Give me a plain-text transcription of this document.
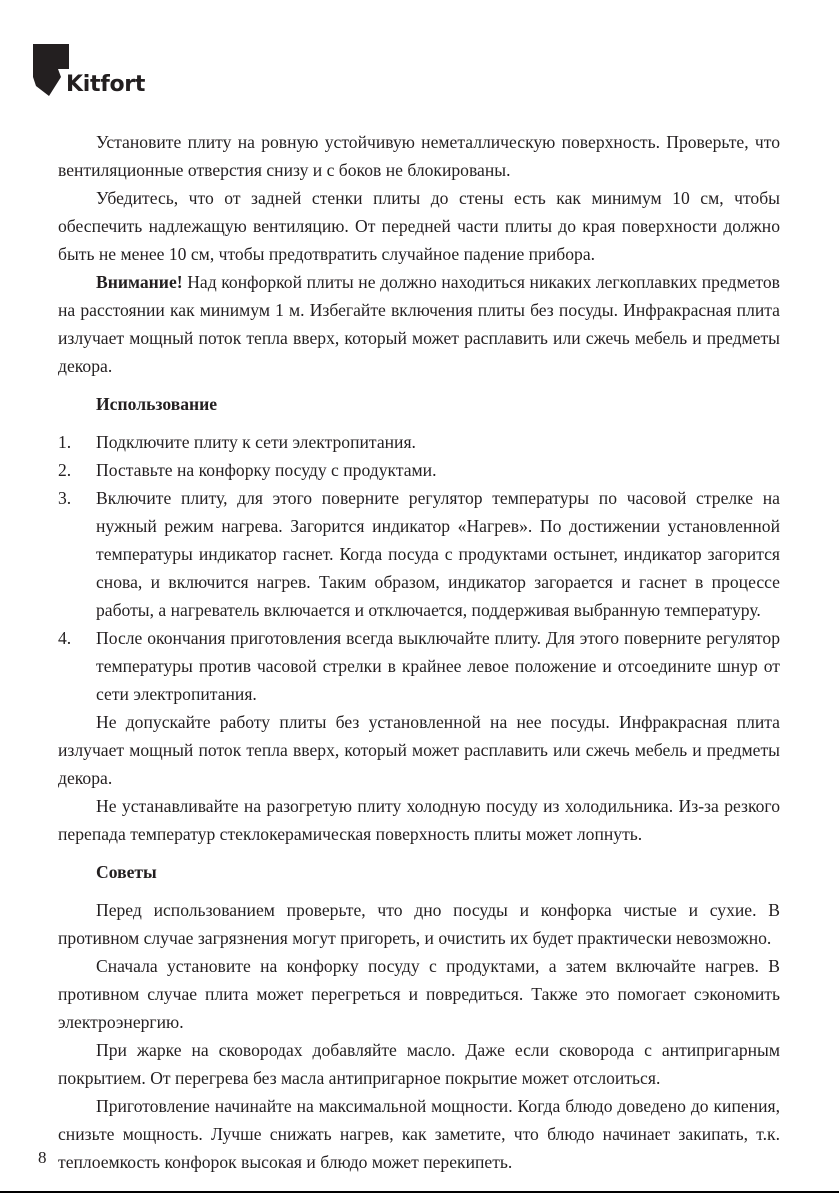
Kitfort

Установите плиту на ровную устойчивую неметаллическую поверхность. Проверьте, что вентиляционные отверстия снизу и с боков не блокированы.

Убедитесь, что от задней стенки плиты до стены есть как минимум 10 см, чтобы обеспечить надлежащую вентиляцию. От передней части плиты до края поверхности должно быть не менее 10 см, чтобы предотвратить случайное падение прибора.

Внимание! Над конфоркой плиты не должно находиться никаких легкоплавких предметов на расстоянии как минимум 1 м. Избегайте включения плиты без посуды. Инфракрасная плита излучает мощный поток тепла вверх, который может расплавить или сжечь мебель и предметы декора.

Использование
1. Подключите плиту к сети электропитания.
2. Поставьте на конфорку посуду с продуктами.
3. Включите плиту, для этого поверните регулятор температуры по часовой стрелке на нужный режим нагрева. Загорится индикатор «Нагрев». По достижении установленной температуры индикатор гаснет. Когда посуда с продуктами остынет, индикатор загорится снова, и включится нагрев. Таким образом, индикатор загорается и гаснет в процессе работы, а нагреватель включается и отключается, поддерживая выбранную температуру.
4. После окончания приготовления всегда выключайте плиту. Для этого поверните регулятор температуры против часовой стрелки в крайнее левое положение и отсоедините шнур от сети электропитания.

Не допускайте работу плиты без установленной на нее посуды. Инфракрасная плита излучает мощный поток тепла вверх, который может расплавить или сжечь мебель и предметы декора.

Не устанавливайте на разогретую плиту холодную посуду из холодильника. Из-за резкого перепада температур стеклокерамическая поверхность плиты может лопнуть.

Советы

Перед использованием проверьте, что дно посуды и конфорка чистые и сухие. В противном случае загрязнения могут пригореть, и очистить их будет практически невозможно.

Сначала установите на конфорку посуду с продуктами, а затем включайте нагрев. В противном случае плита может перегреться и повредиться. Также это помогает сэкономить электроэнергию.

При жарке на сковородах добавляйте масло. Даже если сковорода с антипригарным покрытием. От перегрева без масла антипригарное покрытие может отслоиться.

Приготовление начинайте на максимальной мощности. Когда блюдо доведено до кипения, снизьте мощность. Лучше снижать нагрев, как заметите, что блюдо начинает закипать, т.к. теплоемкость конфорок высокая и блюдо может перекипеть.

8
